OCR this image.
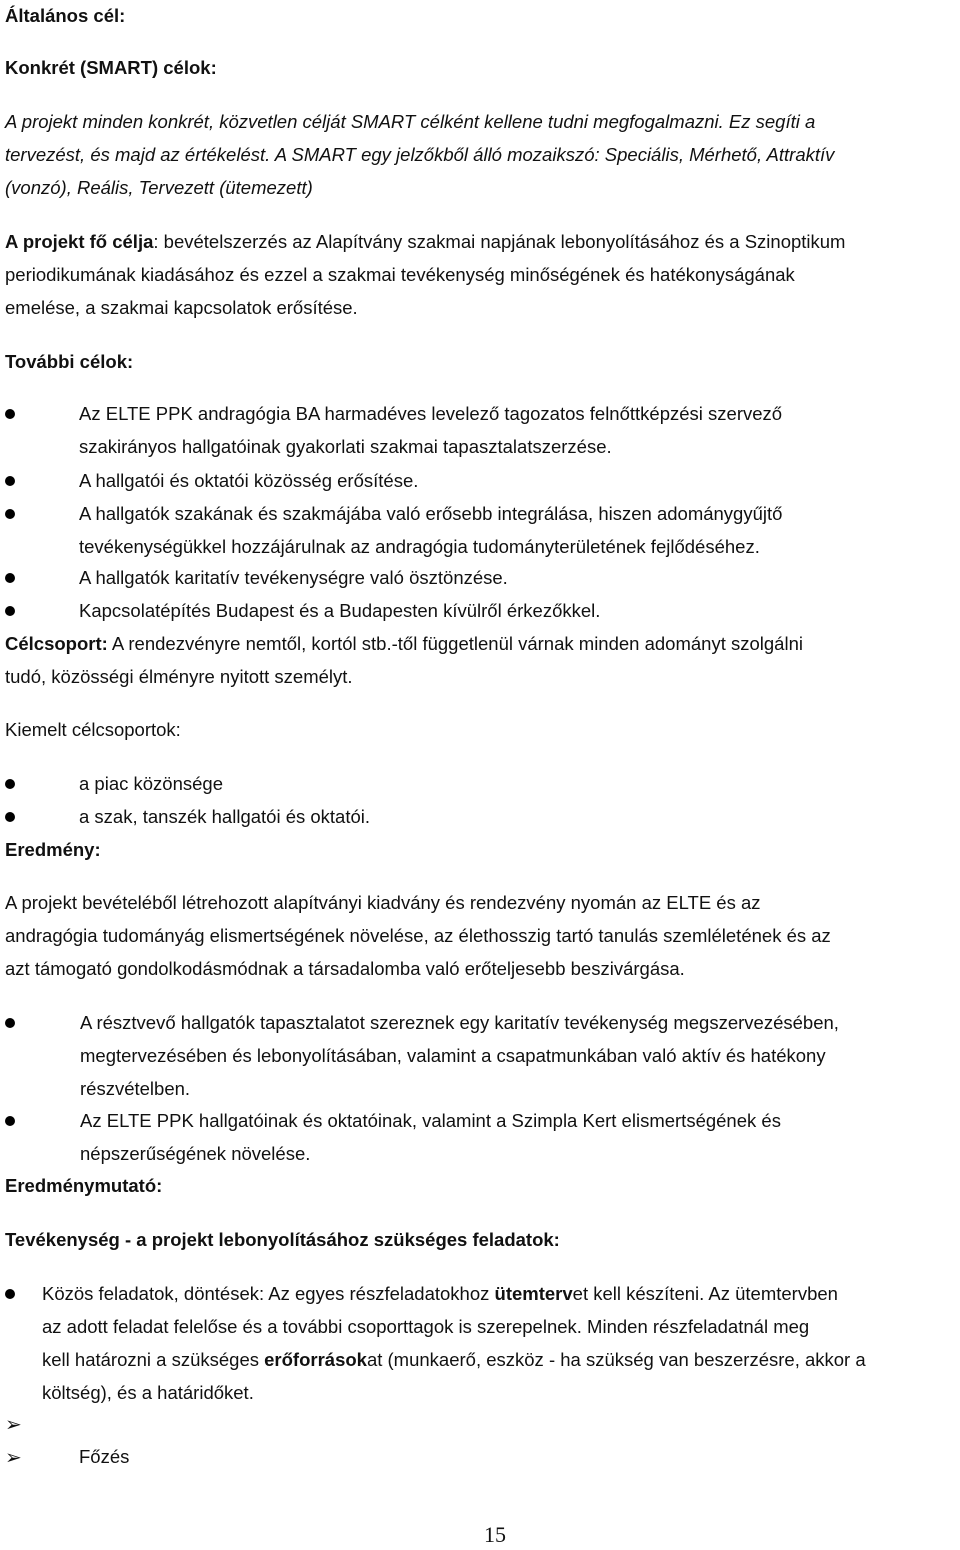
Általános cél:

Konkrét (SMART) célok:

A projekt minden konkrét, közvetlen célját SMART célként kellene tudni megfogalmazni. Ez segíti a

tervezést, és majd az értékelést. A SMART egy jelzőkből álló mozaikszó: Speciális, Mérhető, Attraktív

(vonzó), Reális, Tervezett (ütemezett)

A projekt fő célja: bevételszerzés az Alapítvány szakmai napjának lebonyolításához és a Szinoptikum

periodikumának kiadásához és ezzel a szakmai tevékenység minőségének és hatékonyságának

emelése, a szakmai kapcsolatok erősítése.

További célok:

Az ELTE PPK andragógia BA harmadéves levelező tagozatos felnőttképzési szervező
szakirányos hallgatóinak gyakorlati szakmai tapasztalatszerzése.
A hallgatói és oktatói közösség erősítése.
A hallgatók szakának és szakmájába való erősebb integrálása, hiszen adománygyűjtő
tevékenységükkel hozzájárulnak az andragógia tudományterületének fejlődéséhez.
A hallgatók karitatív tevékenységre való ösztönzése.
Kapcsolatépítés Budapest és a Budapesten kívülről érkezőkkel.

Célcsoport: A rendezvényre nemtől, kortól stb.-től függetlenül várnak minden adományt szolgálni

tudó, közösségi élményre nyitott személyt.

Kiemelt célcsoportok:

a piac közönsége
a szak, tanszék hallgatói és oktatói.

Eredmény:

A projekt bevételéből létrehozott alapítványi kiadvány és rendezvény nyomán az ELTE és az

andragógia tudományág elismertségének növelése, az élethosszig tartó tanulás szemléletének és az

azt támogató gondolkodásmódnak a társadalomba való erőteljesebb beszivárgása.

A résztvevő hallgatók tapasztalatot szereznek egy karitatív tevékenység megszervezésében,
megtervezésében és lebonyolításában, valamint a csapatmunkában való aktív és hatékony
részvételben.
Az ELTE PPK hallgatóinak és oktatóinak, valamint a Szimpla Kert elismertségének és
népszerűségének növelése.

Eredménymutató:

Tevékenység - a projekt lebonyolításához szükséges feladatok:

Közös feladatok, döntések: Az egyes részfeladatokhoz ütemtervet kell készíteni. Az ütemtervben
az adott feladat felelőse és a további csoporttagok is szerepelnek. Minden részfeladatnál meg
kell határozni a szükséges erőforrásokat (munkaerő, eszköz - ha szükség van beszerzésre, akkor a
költség), és a határidőket.
➢
➢	Főzés
15
